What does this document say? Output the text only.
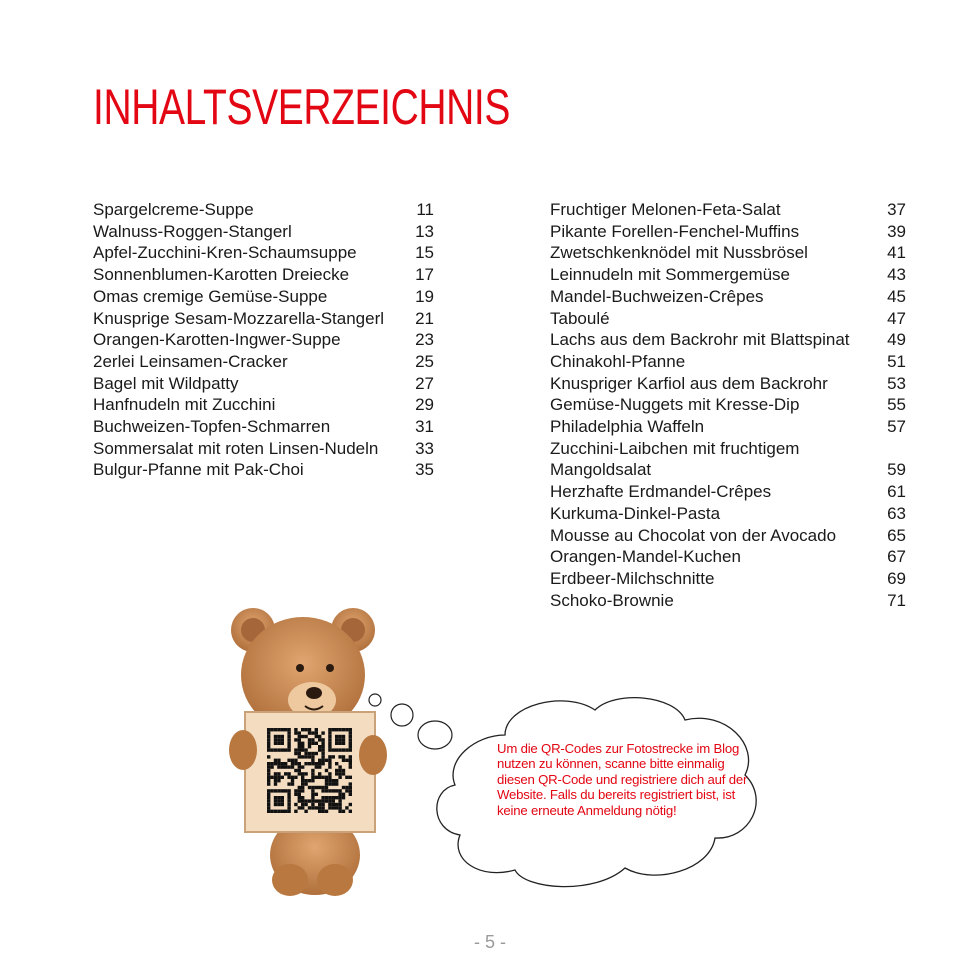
INHALTSVERZEICHNIS
Spargelcreme-Suppe	11
Walnuss-Roggen-Stangerl	13
Apfel-Zucchini-Kren-Schaumsuppe	15
Sonnenblumen-Karotten Dreiecke	17
Omas cremige Gemüse-Suppe	19
Knusprige Sesam-Mozzarella-Stangerl 21
Orangen-Karotten-Ingwer-Suppe	23
2erlei Leinsamen-Cracker	25
Bagel mit Wildpatty	27
Hanfnudeln mit Zucchini	29
Buchweizen-Topfen-Schmarren	31
Sommersalat mit roten Linsen-Nudeln 33
Bulgur-Pfanne mit Pak-Choi	35
Fruchtiger Melonen-Feta-Salat	37
Pikante Forellen-Fenchel-Muffins	39
Zwetschkenknödel mit Nussbrösel	41
Leinnudeln mit Sommergemüse	43
Mandel-Buchweizen-Crêpes	45
Taboulé	47
Lachs aus dem Backrohr mit Blattspinat 49
Chinakohl-Pfanne	51
Knuspriger Karfiol aus dem Backrohr	53
Gemüse-Nuggets mit Kresse-Dip	55
Philadelphia Waffeln	57
Zucchini-Laibchen mit fruchtigem
Mangoldsalat	59
Herzhafte Erdmandel-Crêpes	61
Kurkuma-Dinkel-Pasta	63
Mousse au Chocolat von der Avocado	65
Orangen-Mandel-Kuchen	67
Erdbeer-Milchschnitte	69
Schoko-Brownie	71
Um die QR-Codes zur Fotostrecke im Blog nutzen zu können, scanne bitte einmalig diesen QR-Code und registriere dich auf der Website. Falls du bereits registriert bist, ist keine erneute Anmeldung nötig!
- 5 -
